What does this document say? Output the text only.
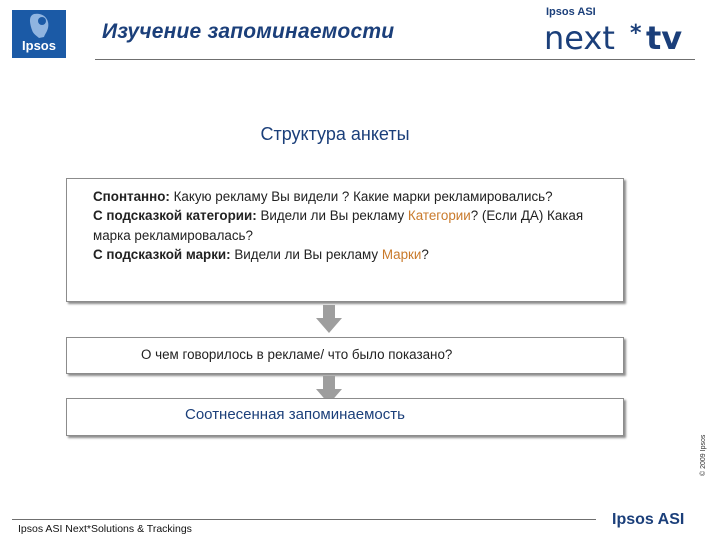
Ipsos
Изучение запоминаемости
Ipsos ASI
next * tv
Структура анкеты
Спонтанно: Какую рекламу Вы видели ? Какие марки рекламировались?
С подсказкой категории: Видели ли Вы рекламу Категории? (Если ДА) Какая марка рекламировалась?
С подсказкой марки: Видели ли Вы рекламу Марки?
О чем говорилось в рекламе/ что было показано?
Соотнесенная запоминаемость
© 2009 Ipsos
Ipsos ASI Next*Solutions & Trackings
Ipsos ASI
